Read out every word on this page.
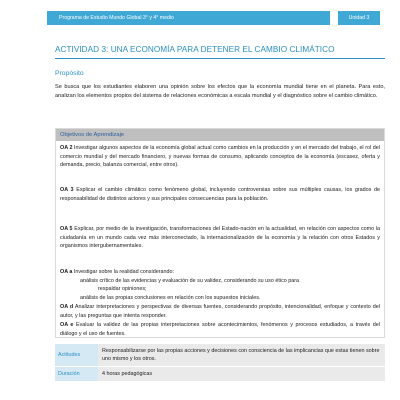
Programa de Estudio Mundo Global 3° y 4° medio	Unidad 3
ACTIVIDAD 3: UNA ECONOMÍA PARA DETENER EL CAMBIO CLIMÁTICO
Propósito
Se busca que los estudiantes elaboren una opinión sobre los efectos que la economía mundial tiene en el planeta. Para esto, analizan los elementos propios del sistema de relaciones económicas a escala mundial y el diagnóstico sobre el cambio climático.
Objetivos de Aprendizaje
OA 2 Investigar algunos aspectos de la economía global actual como cambios en la producción y en el mercado del trabajo, el rol del comercio mundial y del mercado financiero, y nuevas formas de consumo, aplicando conceptos de la economía (escasez, oferta y demanda, precio, balanza comercial, entre otros).
OA 3 Explicar el cambio climático como fenómeno global, incluyendo controversias sobre sus múltiples causas, los grados de responsabilidad de distintos actores y sus principales consecuencias para la población.
OA 5 Explicar, por medio de la investigación, transformaciones del Estado-nación en la actualidad, en relación con aspectos como la ciudadanía en un mundo cada vez más interconectado, la internacionalización de la economía y la relación con otros Estados y organismos intergubernamentales.
OA a Investigar sobre la realidad considerando:
análisis crítico de las evidencias y evaluación de su validez, considerando su uso ético para
respaldar opiniones;
análisis de las propias conclusiones en relación con los supuestos iniciales.
OA d Analizar interpretaciones y perspectivas de diversas fuentes, considerando propósito, intencionalidad, enfoque y contexto del autor, y las preguntas que intenta responder.
OA e Evaluar la validez de las propias interpretaciones sobre acontecimientos, fenómenos y procesos estudiados, a través del diálogo y el uso de fuentes.
Actitudes
Responsabilizarse por las propias acciones y decisiones con consciencia de las implicancias que estas tienen sobre uno mismo y los otros.
Duración	4 horas pedagógicas
